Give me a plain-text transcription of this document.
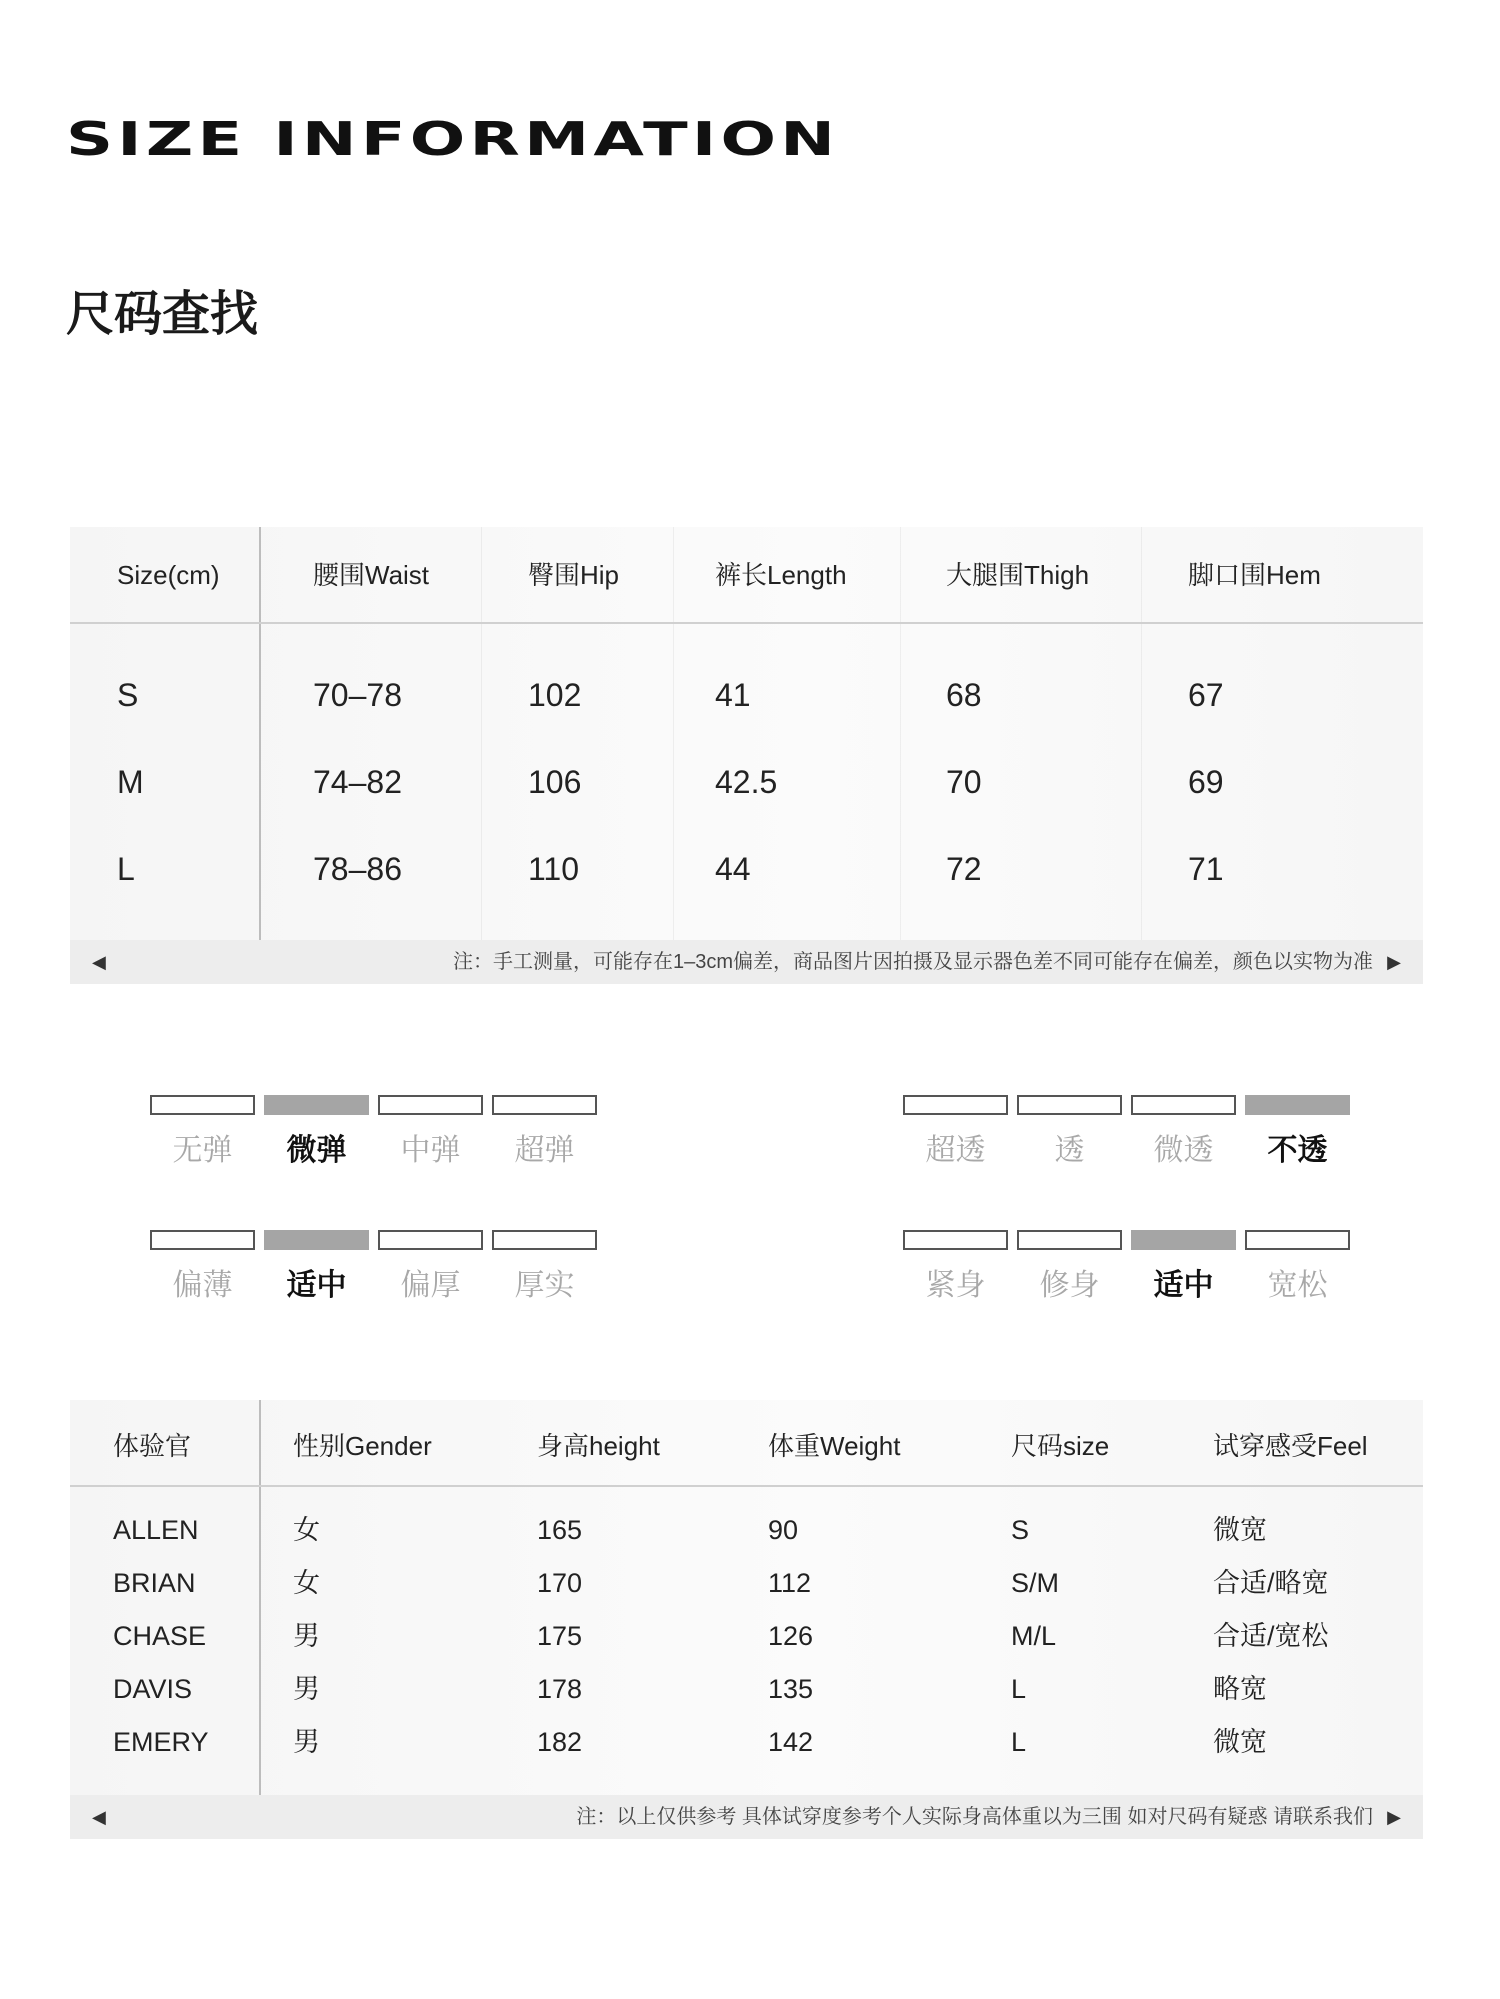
SIZE INFORMATION
尺码查找
Size(cm)	腰围Waist	臀围Hip	裤长Length	大腿围Thigh	脚口围Hem
S	70–78	102	41	68	67
M	74–82	106	42.5	70	69
L	78–86	110	44	72	71
◀	注：手工测量，可能存在1–3cm偏差，商品图片因拍摄及显示器色差不同可能存在偏差，颜色以实物为准 ▶
无弹	微弹	中弹	超弹	超透	透	微透	不透
偏薄	适中	偏厚	厚实	紧身	修身	适中	宽松
体验官	性别Gender	身高height	体重Weight	尺码size	试穿感受Feel
ALLEN	女	165	90	S	微宽
BRIAN	女	170	112	S/M	合适/略宽
CHASE	男	175	126	M/L	合适/宽松
DAVIS	男	178	135	L	略宽
EMERY	男	182	142	L	微宽
◀	注：以上仅供参考 具体试穿度参考个人实际身高体重以为三围 如对尺码有疑惑 请联系我们 ▶
